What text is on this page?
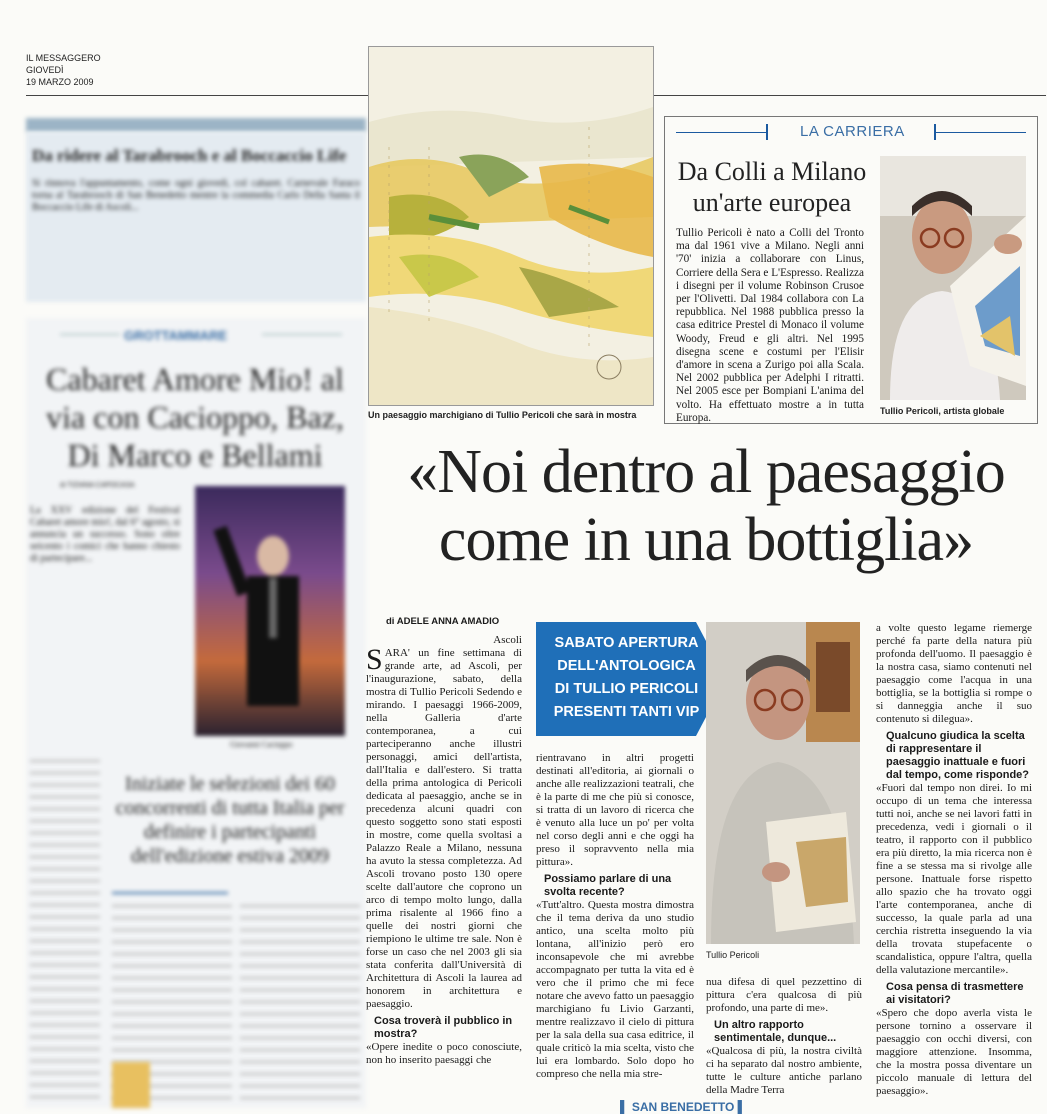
IL MESSAGGERO
GIOVEDÌ
19 MARZO 2009
Da ridere al Tarabrooch e al Boccaccio Life

Si rinnova l'appuntamento, come ogni giovedì, col cabaret. Carnevale Faraco torna al Tarabrooch di San Benedetto mentre la commedia Carlo Della Santa il Boccaccio Life di Ascoli...

GROTTAMMARE
Cabaret Amore Mio! al via con Cacioppo, Baz, Di Marco e Bellami
di TIZIANA CAPOCASA

La XXV edizione del Festival Cabaret amore mio!, dal 6° agosto, si annuncia un successo. Sono oltre seicento i comici che hanno chiesto di partecipare...

Giovanni Cacioppo
Iniziate le selezioni dei 60 concorrenti di tutta Italia per definire i partecipanti dell'edizione estiva 2009
Un paesaggio marchigiano di Tullio Pericoli che sarà in mostra
LA CARRIERA
Da Colli a Milano
un'arte europea

Tullio Pericoli è nato a Colli del Tronto ma dal 1961 vive a Milano. Negli anni '70' inizia a collaborare con Linus, Corriere della Sera e L'Espresso. Realizza i disegni per il volume Robinson Crusoe per l'Olivetti. Dal 1984 collabora con La repubblica. Nel 1988 pubblica presso la casa editrice Prestel di Monaco il volume Woody, Freud e gli altri. Nel 1995 disegna scene e costumi per l'Elisir d'amore in scena a Zurigo poi alla Scala. Nel 2002 pubblica per Adelphi I ritratti. Nel 2005 esce per Bompiani L'anima del volto. Ha effettuato mostre a in tutta Europa.

Tullio Pericoli, artista globale
«Noi dentro al paesaggio
come in una bottiglia»
di ADELE ANNA AMADIO
SABATO APERTURA
DELL'ANTOLOGICA
DI TULLIO PERICOLI
PRESENTI TANTI VIP
Tullio Pericoli
Ascoli

SARA' un fine settimana di grande arte, ad Ascoli, per l'inaugurazione, sabato, della mostra di Tullio Pericoli Sedendo e mirando. I paesaggi 1966-2009, nella Galleria d'arte contemporanea, a cui parteciperanno anche illustri personaggi, amici dell'artista, dall'Italia e dall'estero. Si tratta della prima antologica di Pericoli dedicata al paesaggio, anche se in precedenza alcuni quadri con questo soggetto sono stati esposti in mostre, come quella svoltasi a Palazzo Reale a Milano, nessuna ha avuto la stessa completezza. Ad Ascoli trovano posto 130 opere scelte dall'autore che coprono un arco di tempo molto lungo, dalla prima risalente al 1966 fino a quelle dei nostri giorni che riempiono le ultime tre sale. Non è forse un caso che nel 2003 gli sia stata conferita dall'Università di Architettura di Ascoli la laurea ad honorem in architettura e paesaggio.

Cosa troverà il pubblico in mostra?

«Opere inedite o poco conosciute, non ho inserito paesaggi che

rientravano in altri progetti destinati all'editoria, ai giornali o anche alle realizzazioni teatrali, che è la parte di me che più si conosce, si tratta di un lavoro di ricerca che è venuto alla luce un po' per volta nel corso degli anni e che oggi ha preso il sopravvento nella mia pittura».

Possiamo parlare di una svolta recente?

«Tutt'altro. Questa mostra dimostra che il tema deriva da uno studio antico, una scelta molto più lontana, all'inizio però ero inconsapevole che mi avrebbe accompagnato per tutta la vita ed è vero che il primo che mi fece notare che avevo fatto un paesaggio marchigiano fu Livio Garzanti, mentre realizzavo il cielo di pittura per la sala della sua casa editrice, il quale criticò la mia scelta, visto che lui era lombardo. Solo dopo ho compreso che nella mia stre-

nua difesa di quel pezzettino di pittura c'era qualcosa di più profondo, una parte di me».

Un altro rapporto sentimentale, dunque...

«Qualcosa di più, la nostra civiltà ci ha separato dal nostro ambiente, tutte le culture antiche parlano della Madre Terra

a volte questo legame riemerge perché fa parte della natura più profonda dell'uomo. Il paesaggio è la nostra casa, siamo contenuti nel paesaggio come l'acqua in una bottiglia, se la bottiglia si rompe o si danneggia anche il suo contenuto si dilegua».

Qualcuno giudica la scelta di rappresentare il paesaggio inattuale e fuori dal tempo, come risponde?

«Fuori dal tempo non direi. Io mi occupo di un tema che interessa tutti noi, anche se nei lavori fatti in precedenza, vedi i giornali o il teatro, il rapporto con il pubblico era più diretto, la mia ricerca non è fine a se stessa ma si rivolge alle persone. Inattuale forse rispetto allo spazio che ha trovato oggi l'arte contemporanea, anche di successo, la quale parla ad una cerchia ristretta inseguendo la via della trovata stupefacente o scandalistica, oppure l'altra, quella della valutazione mercantile».

Cosa pensa di trasmettere ai visitatori?

«Spero che dopo averla vista le persone tornino a osservare il paesaggio con occhi diversi, con maggiore attenzione. Insomma, che la mostra possa diventare un piccolo manuale di lettura del paesaggio».

▌ SAN BENEDETTO ▌
